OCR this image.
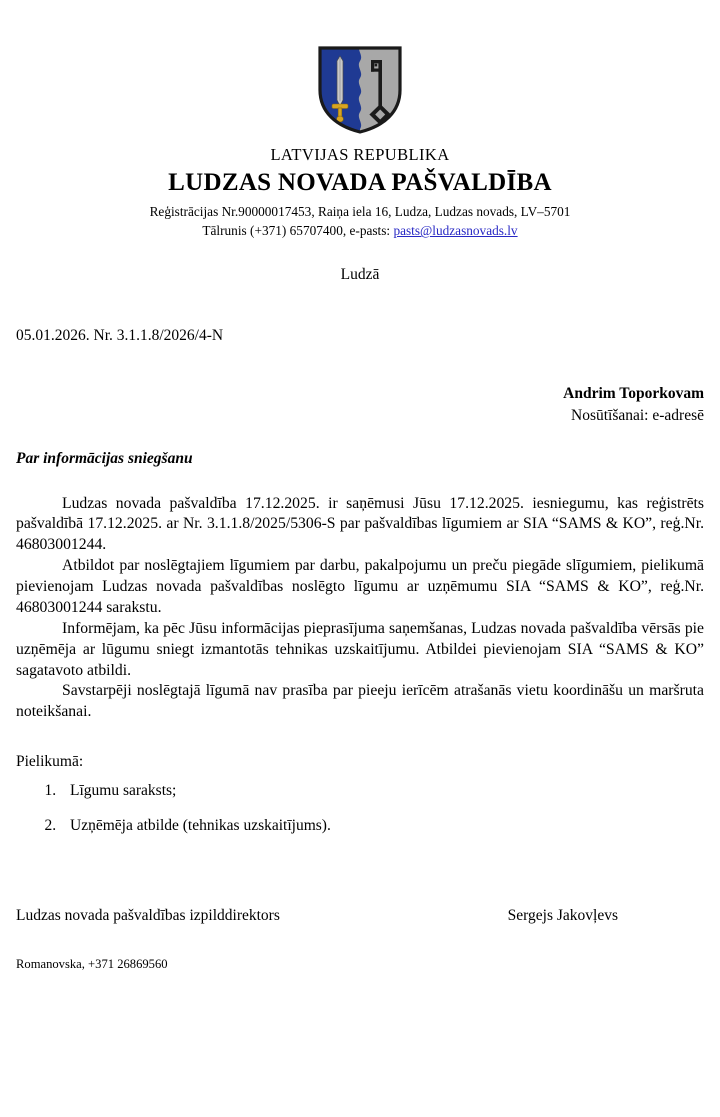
LATVIJAS REPUBLIKA
LUDZAS NOVADA PAŠVALDĪBA
Reģistrācijas Nr.90000017453, Raiņa iela 16, Ludza, Ludzas novads, LV–5701
Tālrunis (+371) 65707400, e-pasts: pasts@ludzasnovads.lv
Ludzā
05.01.2026. Nr. 3.1.1.8/2026/4-N
Andrim Toporkovam
Nosūtīšanai: e-adresē
Par informācijas sniegšanu

Ludzas novada pašvaldība 17.12.2025. ir saņēmusi Jūsu 17.12.2025. iesniegumu, kas reģistrēts pašvaldībā 17.12.2025. ar Nr. 3.1.1.8/2025/5306-S par pašvaldības līgumiem ar SIA “SAMS & KO”, reģ.Nr. 46803001244.

Atbildot par noslēgtajiem līgumiem par darbu, pakalpojumu un preču piegāde slīgumiem, pielikumā pievienojam Ludzas novada pašvaldības noslēgto līgumu ar uzņēmumu SIA “SAMS & KO”, reģ.Nr. 46803001244 sarakstu.

Informējam, ka pēc Jūsu informācijas pieprasījuma saņemšanas, Ludzas novada pašvaldība vērsās pie uzņēmēja ar lūgumu sniegt izmantotās tehnikas uzskaitījumu. Atbildei pievienojam SIA “SAMS & KO” sagatavoto atbildi.

Savstarpēji noslēgtajā līgumā nav prasība par pieeju ierīcēm atrašanās vietu koordināšu un maršruta noteikšanai.

Pielikumā:
1. Līgumu saraksts;
2. Uzņēmēja atbilde (tehnikas uzskaitījums).
Ludzas novada pašvaldības izpilddirektors	Sergejs Jakovļevs
Romanovska, +371 26869560
